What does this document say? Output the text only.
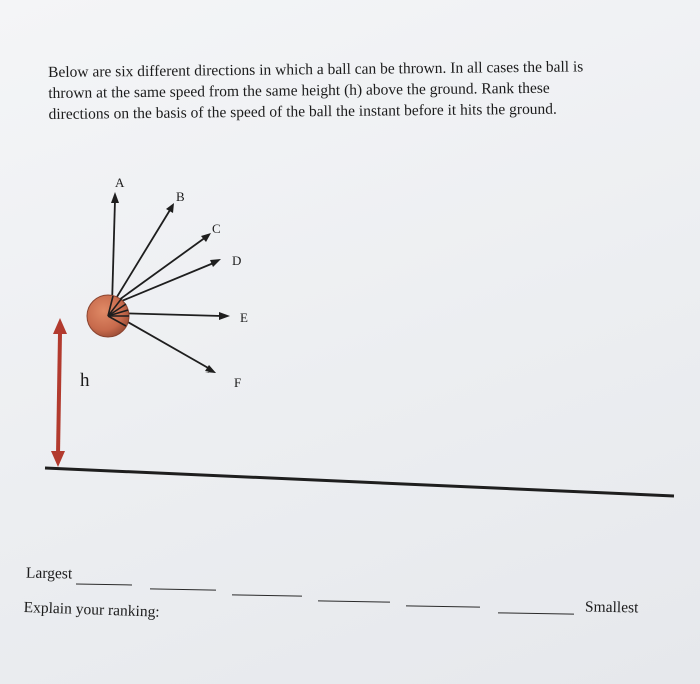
Below are six different directions in which a ball can be thrown. In all cases the ball is
thrown at the same speed from the same height (h) above the ground. Rank these
directions on the basis of the speed of the ball the instant before it hits the ground.
h
A
B
C
D
E
F
Largest
Smallest
Explain your ranking:
